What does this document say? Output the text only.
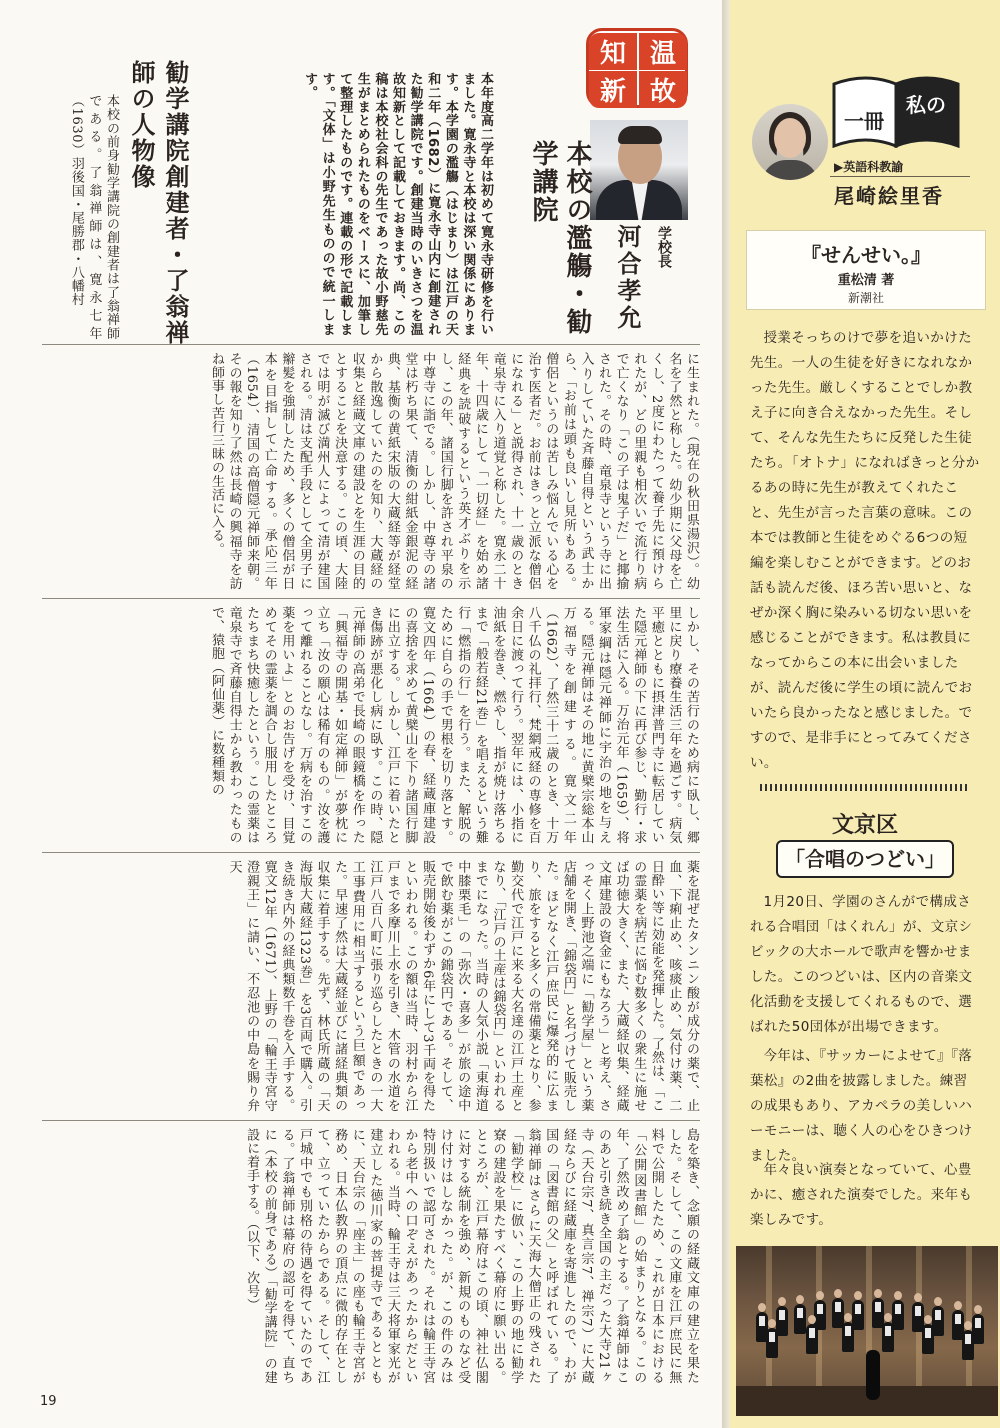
温
故
知
新
学校長
河合孝允
本校の濫觴・勧学講院
本年度高二学年は初めて寛永寺研修を行いました。寛永寺と本校は深い関係にあります。本学園の濫觴（はじまり）は江戸の天和二年（1682）に寛永寺山内に創建された勧学講院です。創建当時のいきさつを温故知新として記載しておきます。尚、この稿は本校社会科の先生であった故小野慈先生がまとめられたものをベースに、加筆して整理したものです。連載の形で記載します。「文体」は小野先生ものので統一します。
勧学講院創建者・了翁禅師の人物像
本校の前身勧学講院の創建者は了翁禅師である。了翁禅師は、寛永七年（1630）羽後国・尾勝郡・八幡村
に生まれた。（現在の秋田県湯沢）。幼名を了然と称した。幼少期に父母を亡くし、2度にわたって養子先に預けられたが、どの里親も相次いで流行り病で亡くなり「この子は鬼子だ」と揶揄された。その時、竜泉寺という寺に出入りしていた斉藤自得という武士から、「お前は頭も良いし見所もある。僧侶というのは苦しみ悩んでいる心を治す医者だ。お前はきっと立派な僧侶になれる」と説得され、十一歳のとき竜泉寺に入り道覚と称した。寛永二十年、十四歳にして「一切経」を始め諸経典を読破するという英才ぶりを示し、この年、諸国行脚を許され平泉の中尊寺に詣でる。しかし、中尊寺の諸堂は朽ち果て、清衡の紺紙金銀泥の経典、基衡の黄紙宋版の大蔵経等が経堂から散逸していたのを知り、大蔵経の収集と経蔵文庫の建設とを生涯の目的とすることを決意する。この頃、大陸では明が滅び満州人によって清が建国される。清は支配手段として全男子に辮髪を強制したため、多くの僧侶が日本を目指して亡命する。承応三年（1654）、清国の高僧隠元禅師来朝。その報を知り了然は長崎の興福寺を訪ね師事し苦行三昧の生活に入る。
しかし、その苦行のため病に臥し、郷里に戻り療養生活三年を過ごす。病気平癒とともに摂津普門寺に転居していた隠元禅師の下に再び参じ、勤行・求法生活に入る。万治元年（1659）、将軍家綱は隠元禅師に宇治の地を与える。隠元禅師はその地に黄檗宗総本山万福寺を創建する。寛文二年（1662）、了然三十二歳のとき、十万八千仏の礼拝行、梵網戒経の専修を百余日に渡って行う。翌年には、小指に油紙を巻き、燃やし、指が焼け落ちるまで「般若経21巻」を唱えるという難行「燃指の行」を行う。また、解脱のために自らの手で男根を切り落とす。寛文四年（1664）の春、経蔵庫建設の喜捨を求めて黄檗山を下り諸国行脚に出立する。しかし、江戸に着いたとき傷跡が悪化し病に臥す。この時、隠元禅師の高弟で長崎の眼鏡橋を作った「興福寺の開基・如定禅師」が夢枕に立ち「汝の願心は稀有のもの。汝を護って離れることなし。万病を治すこの薬を用いよ」とのお告げを受け、目覚めてその霊薬を調合し服用したところたちまち快癒したという。この霊薬は竜泉寺で斉藤自得士から教わったもので、猿胞（阿仙薬）に数種類の
薬を混ぜたタンニン酸が成分の薬で、止血、下痢止め、咳痰止め、気付け薬、二日酔い等に効能を発揮した。了然は、「この霊薬を病苦に悩む数多くの衆生に施せば功徳大きく、また、大蔵経収集、経蔵文庫建設の資金にもなろう」と考え、さっそく上野池之端に「勧学屋」という薬店舗を開き、「錦袋円」と名づけて販売した。ほどなく江戸庶民に爆発的に広まり、旅をすると多くの常備薬となり、参勤交代で江戸に来る大名達の江戸土産となり、「江戸の土産は錦袋円」といわれるまでになった。当時の人気小説「東海道中膝栗毛」の「弥次・喜多」が旅の途中で飲む薬がこの錦袋円である。そして、販売開始後わずか6年にして3千両を得たといわれる。この額は当時、羽村から江戸まで多摩川上水を引き、木管の水道を江戸八百八町に張り巡らしたときの一大工事費用に相当するという巨額であった。早速了然は大蔵経並びに諸経典類の収集に着手する。先ず、林氏所蔵の「天海版大蔵経1323巻」を3百両で購入。引き続き内外の経典類数千巻を入手する。寛文12年（1671）、上野の「輪王寺宮守澄親王」に請い、不忍池の中島を賜り弁天
島を築き、念願の経蔵文庫の建立を果たした。そして、この文庫を江戸庶民に無料で公開したため、これが日本における「公開図書館」の始まりとなる。この年、了然改め了翁とする。了翁禅師はこのあと引き続き全国の主だった大寺21ヶ寺（天台宗7、真言宗7、禅宗7）に大蔵経ならびに経蔵庫を寄進したので、わが国の「図書館の父」と呼ばれている。了翁禅師はさらに天海大僧正の残された「勧学校」に倣い、この上野の地に勧学寮の建設を果たすべく幕府に願い出る。ところが、江戸幕府はこの頃、神社仏閣に対する統制を強め、新規のものなど受け付けはしなかった。が、この件のみは特別扱いで認可された。それは輪王寺宮から老中への口ぞえがあったからだといわれる。当時、輪王寺は三大将軍家光が建立した徳川家の菩提寺であるとともに、天台宗の「座主」の座も輪王寺宮が務め、日本仏教界の頂点に微的存在として、立っていたからである。そして、江戸城中でも別格の待遇を得ていたのである。了翁禅師は幕府の認可を得て、直ちに（本校の前身である）「勧学講院」の建設に着手する。（以下、次号）
19
私の
一冊
▶英語科教諭
尾崎絵里香
『せんせい。』
重松清 著
新潮社
授業そっちのけで夢を追いかけた先生。一人の生徒を好きになれなかった先生。厳しくすることでしか教え子に向き合えなかった先生。そして、そんな先生たちに反発した生徒たち。「オトナ」になればきっと分かるあの時に先生が教えてくれたこと、先生が言った言葉の意味。この本では教師と生徒をめぐる6つの短編を楽しむことができます。どのお話も読んだ後、ほろ苦い思いと、なぜか深く胸に染みいる切ない思いを感じることができます。私は教員になってからこの本に出会いましたが、読んだ後に学生の頃に読んでおいたら良かったなと感じました。ですので、是非手にとってみてください。
文京区
「合唱のつどい」
1月20日、学園のさんがで構成される合唱団「はくれん」が、文京シビックの大ホールで歌声を響かせました。このつどいは、区内の音楽文化活動を支援してくれるもので、選ばれた50団体が出場できます。
今年は、『サッカーによせて』『落葉松』の2曲を披露しました。練習の成果もあり、アカペラの美しいハーモニーは、聴く人の心をひきつけました。
年々良い演奏となっていて、心豊かに、癒された演奏でした。来年も楽しみです。
